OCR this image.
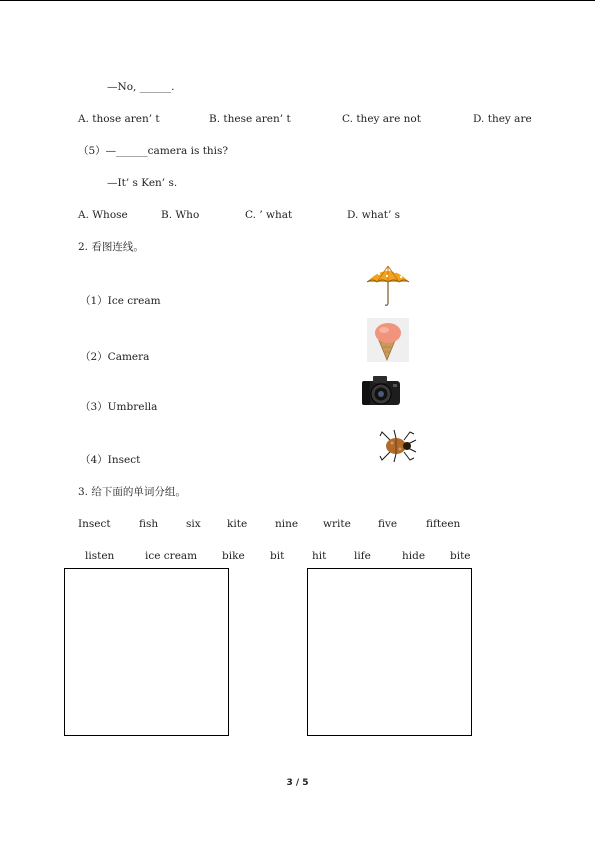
—No, ______.
A. those aren’ t	B. these aren’ t	C. they are not	D. they are
（5）—______camera is this?
—It’ s Ken’ s.
A. Whose	B. Who	C. ’ what	D. what’ s
2. 看图连线。
（1）Ice cream
（2）Camera
（3）Umbrella
（4）Insect
3. 给下面的单词分组。
Insect	fish	six	kite	nine write	five	fifteen
listen	ice cream bike bit	hit	life	hide bite
3 / 5
